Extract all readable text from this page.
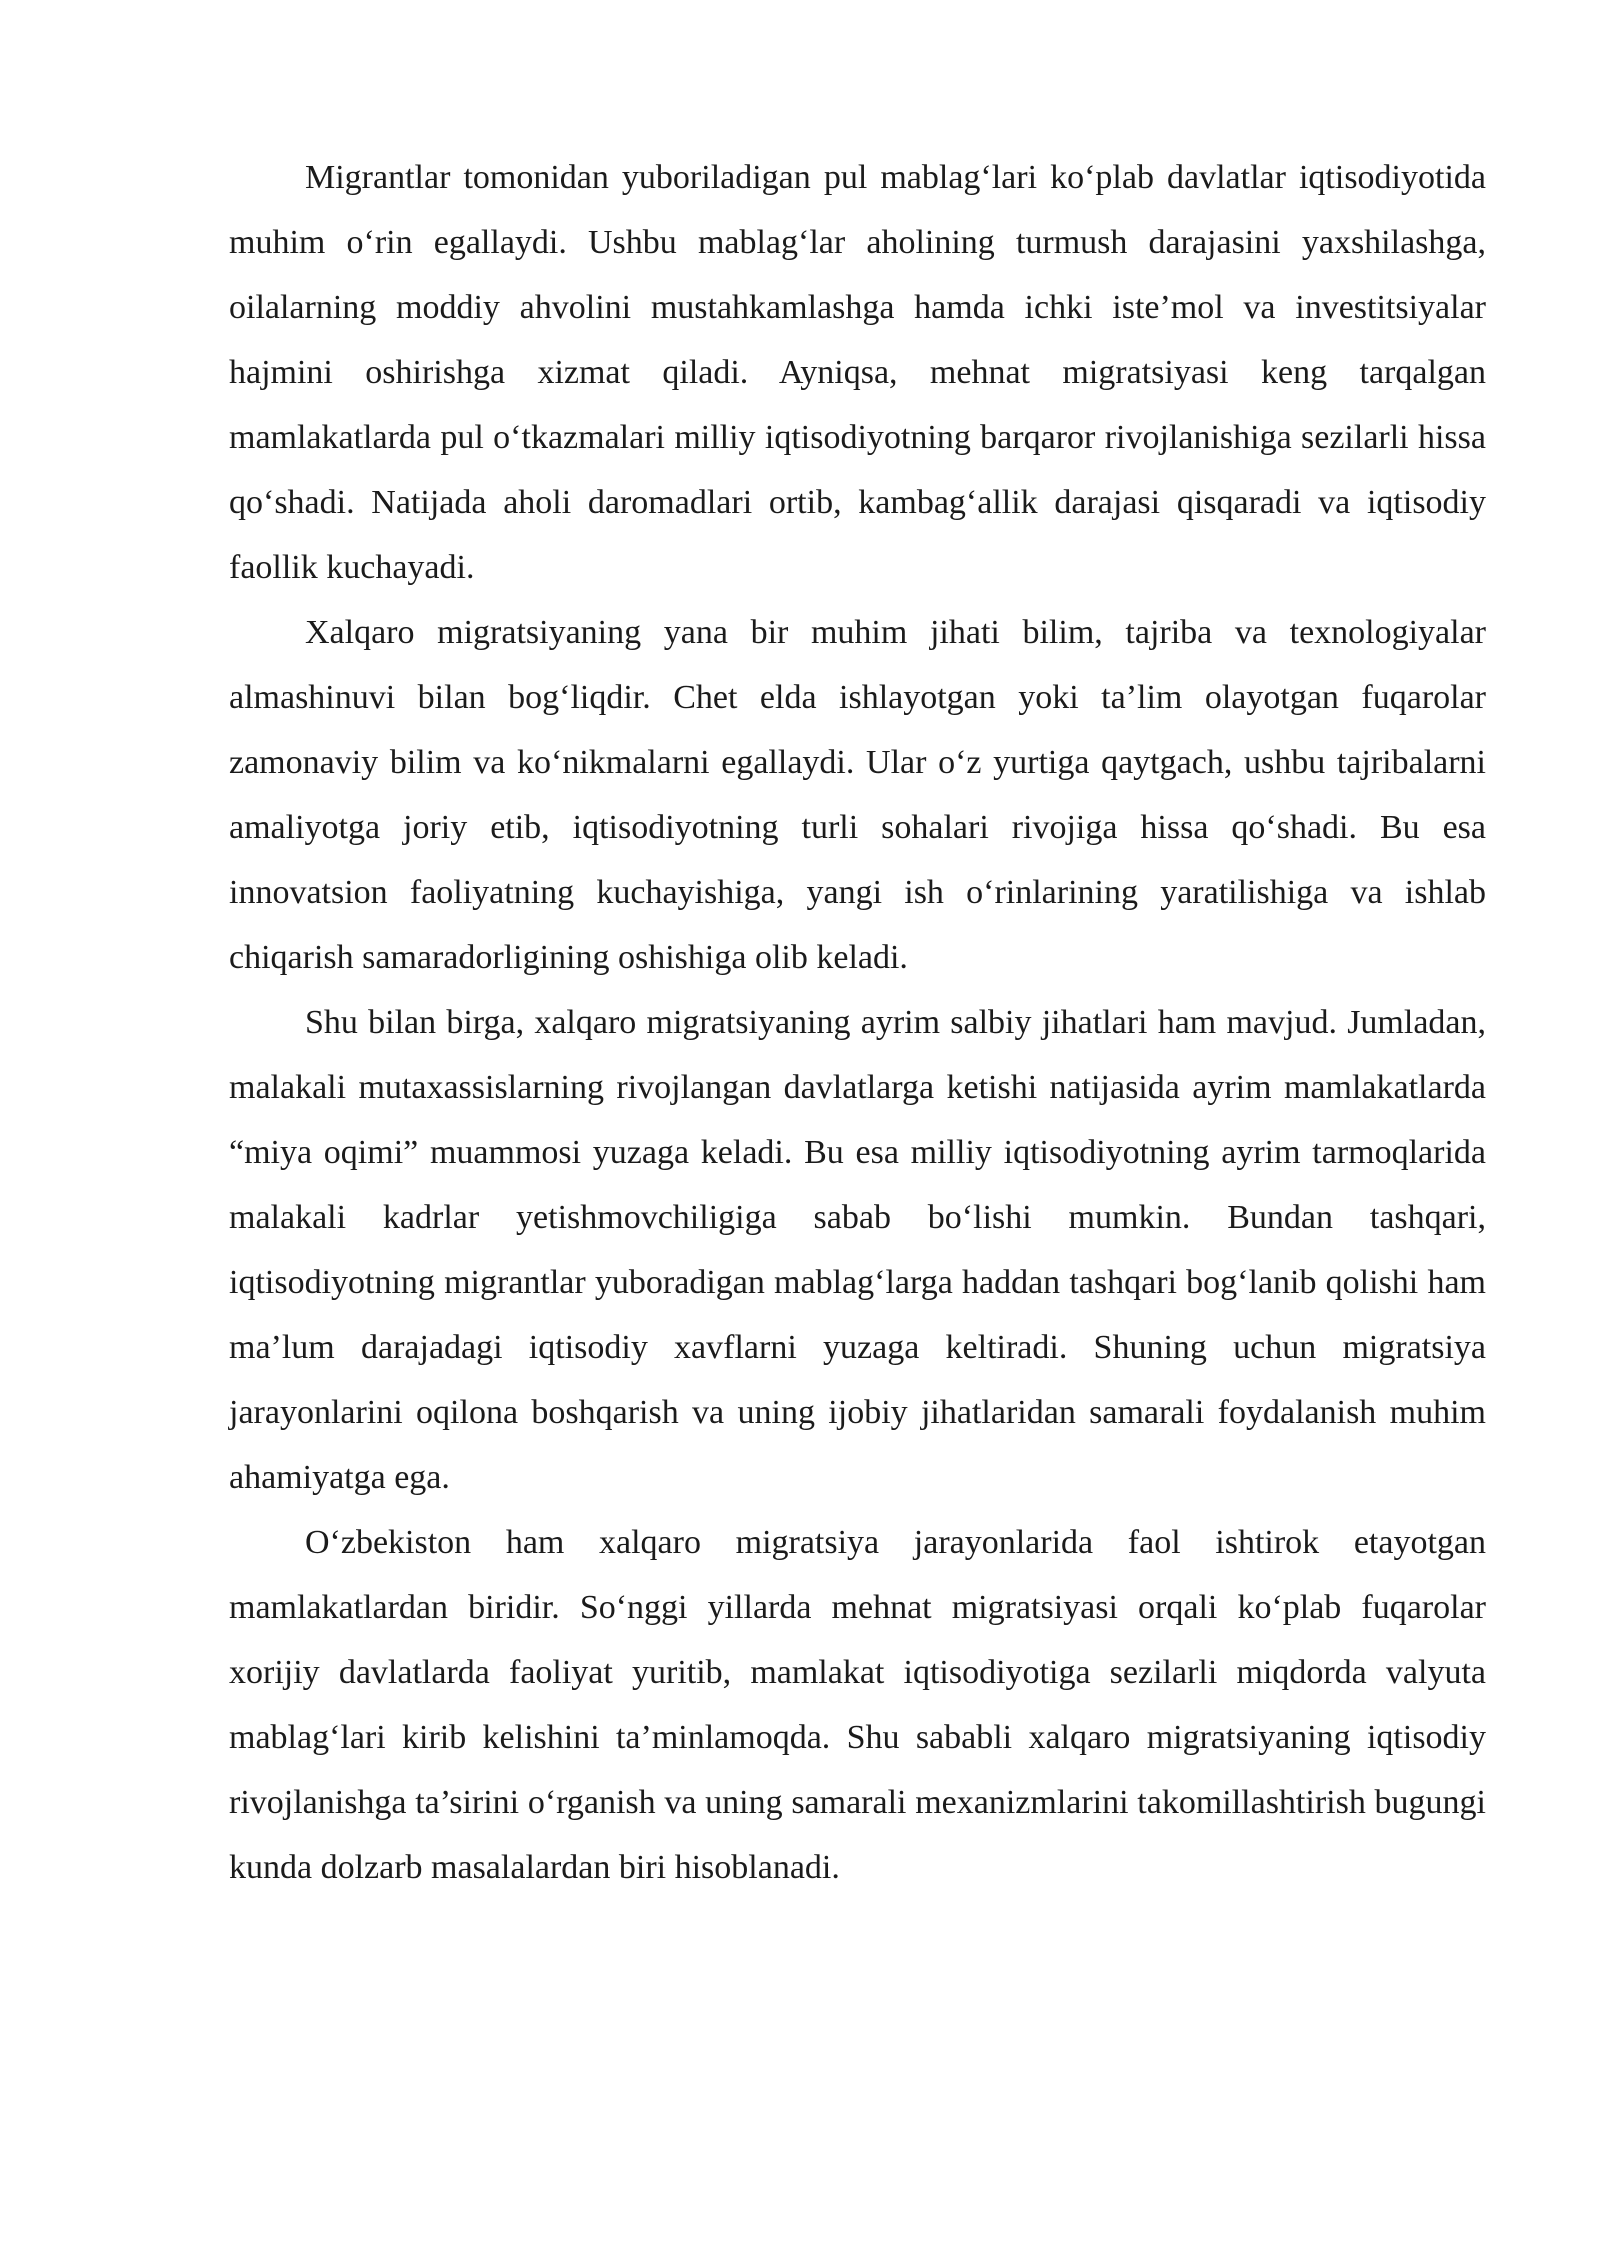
Migrantlar tomonidan yuboriladigan pul mablag‘lari ko‘plab davlatlar iqtisodiyotida muhim o‘rin egallaydi. Ushbu mablag‘lar aholining turmush darajasini yaxshilashga, oilalarning moddiy ahvolini mustahkamlashga hamda ichki iste’mol va investitsiyalar hajmini oshirishga xizmat qiladi. Ayniqsa, mehnat migratsiyasi keng tarqalgan mamlakatlarda pul o‘tkazmalari milliy iqtisodiyotning barqaror rivojlanishiga sezilarli hissa qo‘shadi. Natijada aholi daromadlari ortib, kambag‘allik darajasi qisqaradi va iqtisodiy faollik kuchayadi.

Xalqaro migratsiyaning yana bir muhim jihati bilim, tajriba va texnologiyalar almashinuvi bilan bog‘liqdir. Chet elda ishlayotgan yoki ta’lim olayotgan fuqarolar zamonaviy bilim va ko‘nikmalarni egallaydi. Ular o‘z yurtiga qaytgach, ushbu tajribalarni amaliyotga joriy etib, iqtisodiyotning turli sohalari rivojiga hissa qo‘shadi. Bu esa innovatsion faoliyatning kuchayishiga, yangi ish o‘rinlarining yaratilishiga va ishlab chiqarish samaradorligining oshishiga olib keladi.

Shu bilan birga, xalqaro migratsiyaning ayrim salbiy jihatlari ham mavjud. Jumladan, malakali mutaxassislarning rivojlangan davlatlarga ketishi natijasida ayrim mamlakatlarda “miya oqimi” muammosi yuzaga keladi. Bu esa milliy iqtisodiyotning ayrim tarmoqlarida malakali kadrlar yetishmovchiligiga sabab bo‘lishi mumkin. Bundan tashqari, iqtisodiyotning migrantlar yuboradigan mablag‘larga haddan tashqari bog‘lanib qolishi ham ma’lum darajadagi iqtisodiy xavflarni yuzaga keltiradi. Shuning uchun migratsiya jarayonlarini oqilona boshqarish va uning ijobiy jihatlaridan samarali foydalanish muhim ahamiyatga ega.

O‘zbekiston ham xalqaro migratsiya jarayonlarida faol ishtirok etayotgan mamlakatlardan biridir. So‘nggi yillarda mehnat migratsiyasi orqali ko‘plab fuqarolar xorijiy davlatlarda faoliyat yuritib, mamlakat iqtisodiyotiga sezilarli miqdorda valyuta mablag‘lari kirib kelishini ta’minlamoqda. Shu sababli xalqaro migratsiyaning iqtisodiy rivojlanishga ta’sirini o‘rganish va uning samarali mexanizmlarini takomillashtirish bugungi kunda dolzarb masalalardan biri hisoblanadi.
